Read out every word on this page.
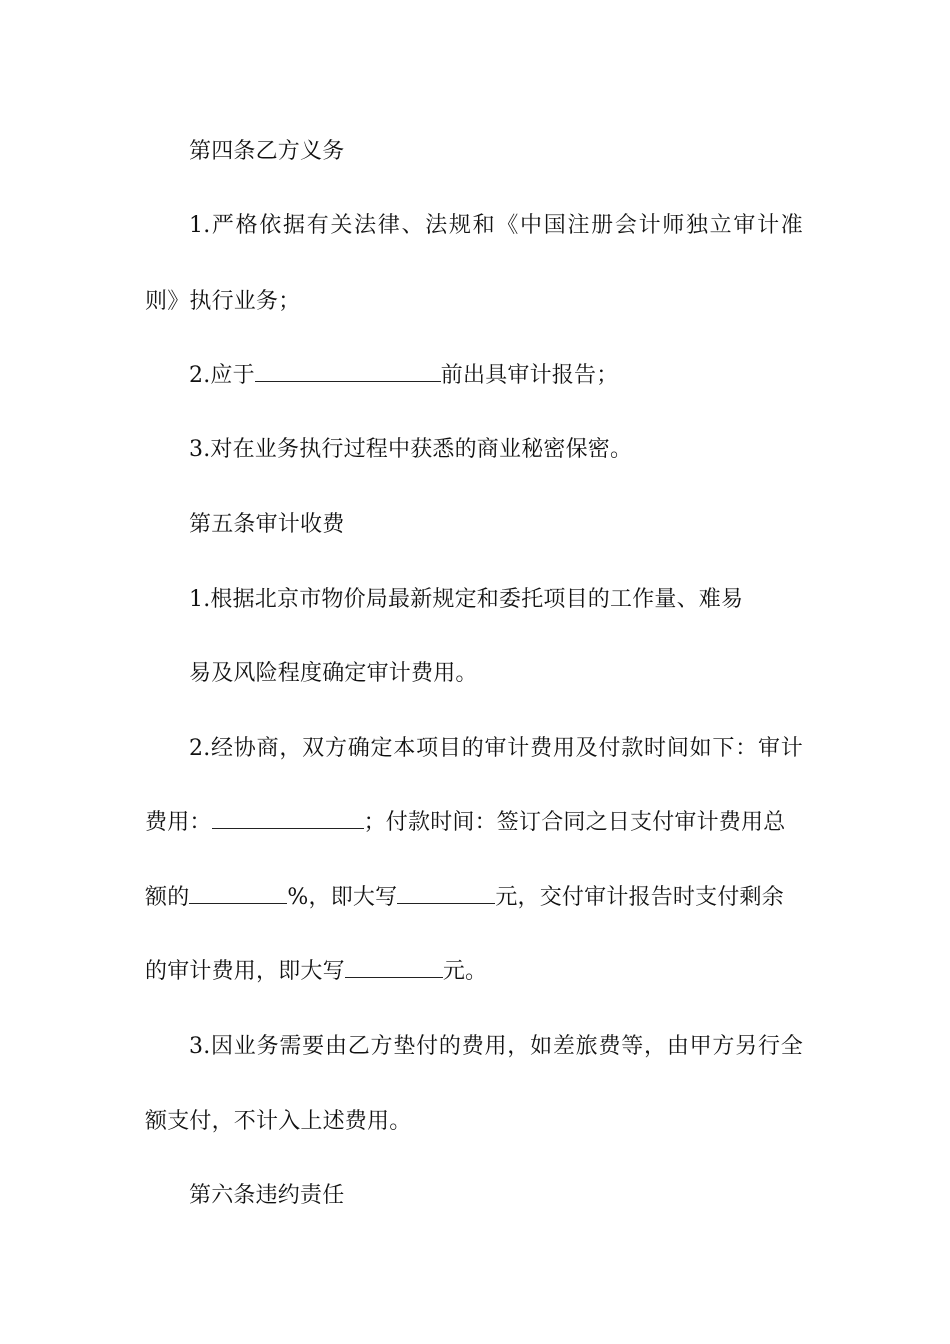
第四条乙方义务
1.严格依据有关法律、法规和《中国注册会计师独立审计准
则》执行业务；
2.应于	前出具审计报告；
3.对在业务执行过程中获悉的商业秘密保密。
第五条审计收费
1.根据北京市物价局最新规定和委托项目的工作量、难易
易及风险程度确定审计费用。
2.经协商，双方确定本项目的审计费用及付款时间如下：审计
费用：	；付款时间：签订合同之日支付审计费用总
额的	%，即大写	元，交付审计报告时支付剩余
的审计费用，即大写	元。
3.因业务需要由乙方垫付的费用，如差旅费等，由甲方另行全
额支付，不计入上述费用。
第六条违约责任
